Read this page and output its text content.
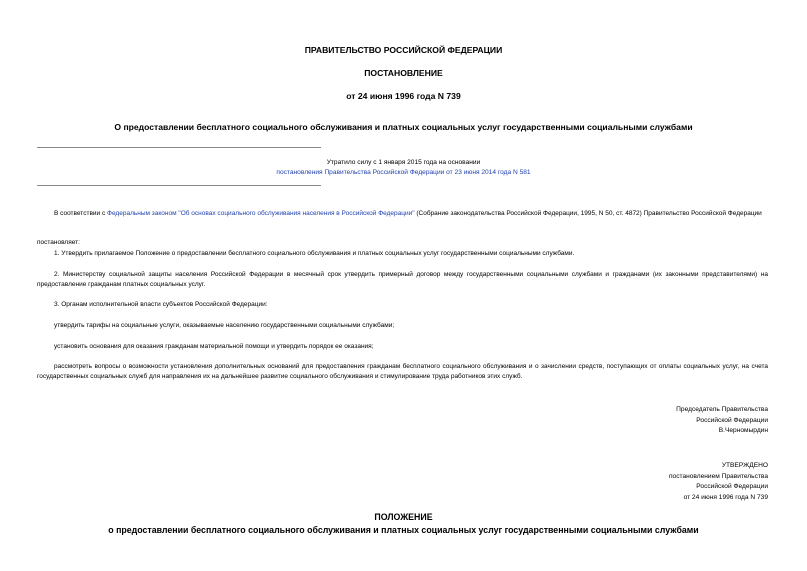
ПРАВИТЕЛЬСТВО РОССИЙСКОЙ ФЕДЕРАЦИИ
ПОСТАНОВЛЕНИЕ
от 24 июня 1996 года N 739
О предоставлении бесплатного социального обслуживания и платных социальных услуг государственными социальными службами
Утратило силу с 1 января 2015 года на основании
постановления Правительства Российской Федерации от 23 июня 2014 года N 581
В соответствии с Федеральным законом "Об основах социального обслуживания населения в Российской Федерации" (Собрание законодательства Российской Федерации, 1995, N 50, ст. 4872) Правительство Российской Федерации
постановляет:
1. Утвердить прилагаемое Положение о предоставлении бесплатного социального обслуживания и платных социальных услуг государственными социальными службами.
2. Министерству социальной защиты населения Российской Федерации в месячный срок утвердить примерный договор между государственными социальными службами и гражданами (их законными представителями) на предоставление гражданам платных социальных услуг.
3. Органам исполнительной власти субъектов Российской Федерации:
утвердить тарифы на социальные услуги, оказываемые населению государственными социальными службами;
установить основания для оказания гражданам материальной помощи и утвердить порядок ее оказания;
рассмотреть вопросы о возможности установления дополнительных оснований для предоставления гражданам бесплатного социального обслуживания и о зачислении средств, поступающих от оплаты социальных услуг, на счета государственных социальных служб для направления их на дальнейшее развитие социального обслуживания и стимулирование труда работников этих служб.
Председатель Правительства
Российской Федерации
В.Черномырдин
УТВЕРЖДЕНО
постановлением Правительства
Российской Федерации
от 24 июня 1996 года N 739
ПОЛОЖЕНИЕ
о предоставлении бесплатного социального обслуживания и платных социальных услуг государственными социальными службами
